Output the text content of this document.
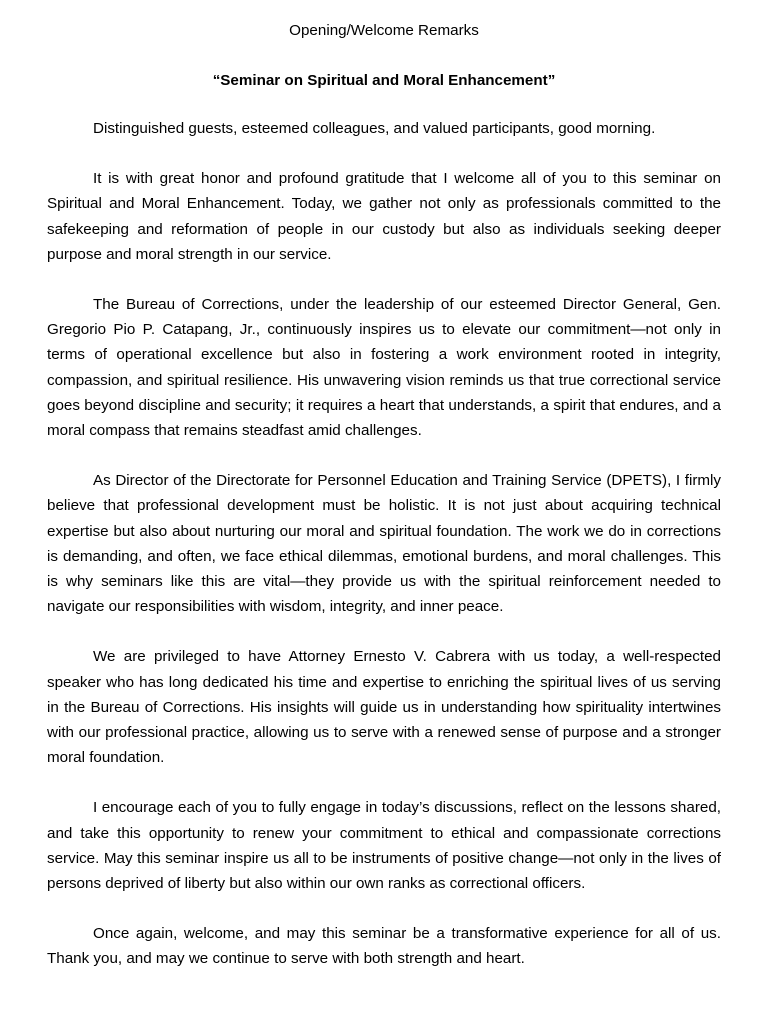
Opening/Welcome Remarks

“Seminar on Spiritual and Moral Enhancement”

Distinguished guests, esteemed colleagues, and valued participants, good morning.

It is with great honor and profound gratitude that I welcome all of you to this seminar on Spiritual and Moral Enhancement. Today, we gather not only as professionals committed to the safekeeping and reformation of people in our custody but also as individuals seeking deeper purpose and moral strength in our service.

The Bureau of Corrections, under the leadership of our esteemed Director General, Gen. Gregorio Pio P. Catapang, Jr., continuously inspires us to elevate our commitment—not only in terms of operational excellence but also in fostering a work environment rooted in integrity, compassion, and spiritual resilience. His unwavering vision reminds us that true correctional service goes beyond discipline and security; it requires a heart that understands, a spirit that endures, and a moral compass that remains steadfast amid challenges.

As Director of the Directorate for Personnel Education and Training Service (DPETS), I firmly believe that professional development must be holistic. It is not just about acquiring technical expertise but also about nurturing our moral and spiritual foundation. The work we do in corrections is demanding, and often, we face ethical dilemmas, emotional burdens, and moral challenges. This is why seminars like this are vital—they provide us with the spiritual reinforcement needed to navigate our responsibilities with wisdom, integrity, and inner peace.

We are privileged to have Attorney Ernesto V. Cabrera with us today, a well-respected speaker who has long dedicated his time and expertise to enriching the spiritual lives of us serving in the Bureau of Corrections. His insights will guide us in understanding how spirituality intertwines with our professional practice, allowing us to serve with a renewed sense of purpose and a stronger moral foundation.

I encourage each of you to fully engage in today’s discussions, reflect on the lessons shared, and take this opportunity to renew your commitment to ethical and compassionate corrections service. May this seminar inspire us all to be instruments of positive change—not only in the lives of persons deprived of liberty but also within our own ranks as correctional officers.

Once again, welcome, and may this seminar be a transformative experience for all of us. Thank you, and may we continue to serve with both strength and heart.
